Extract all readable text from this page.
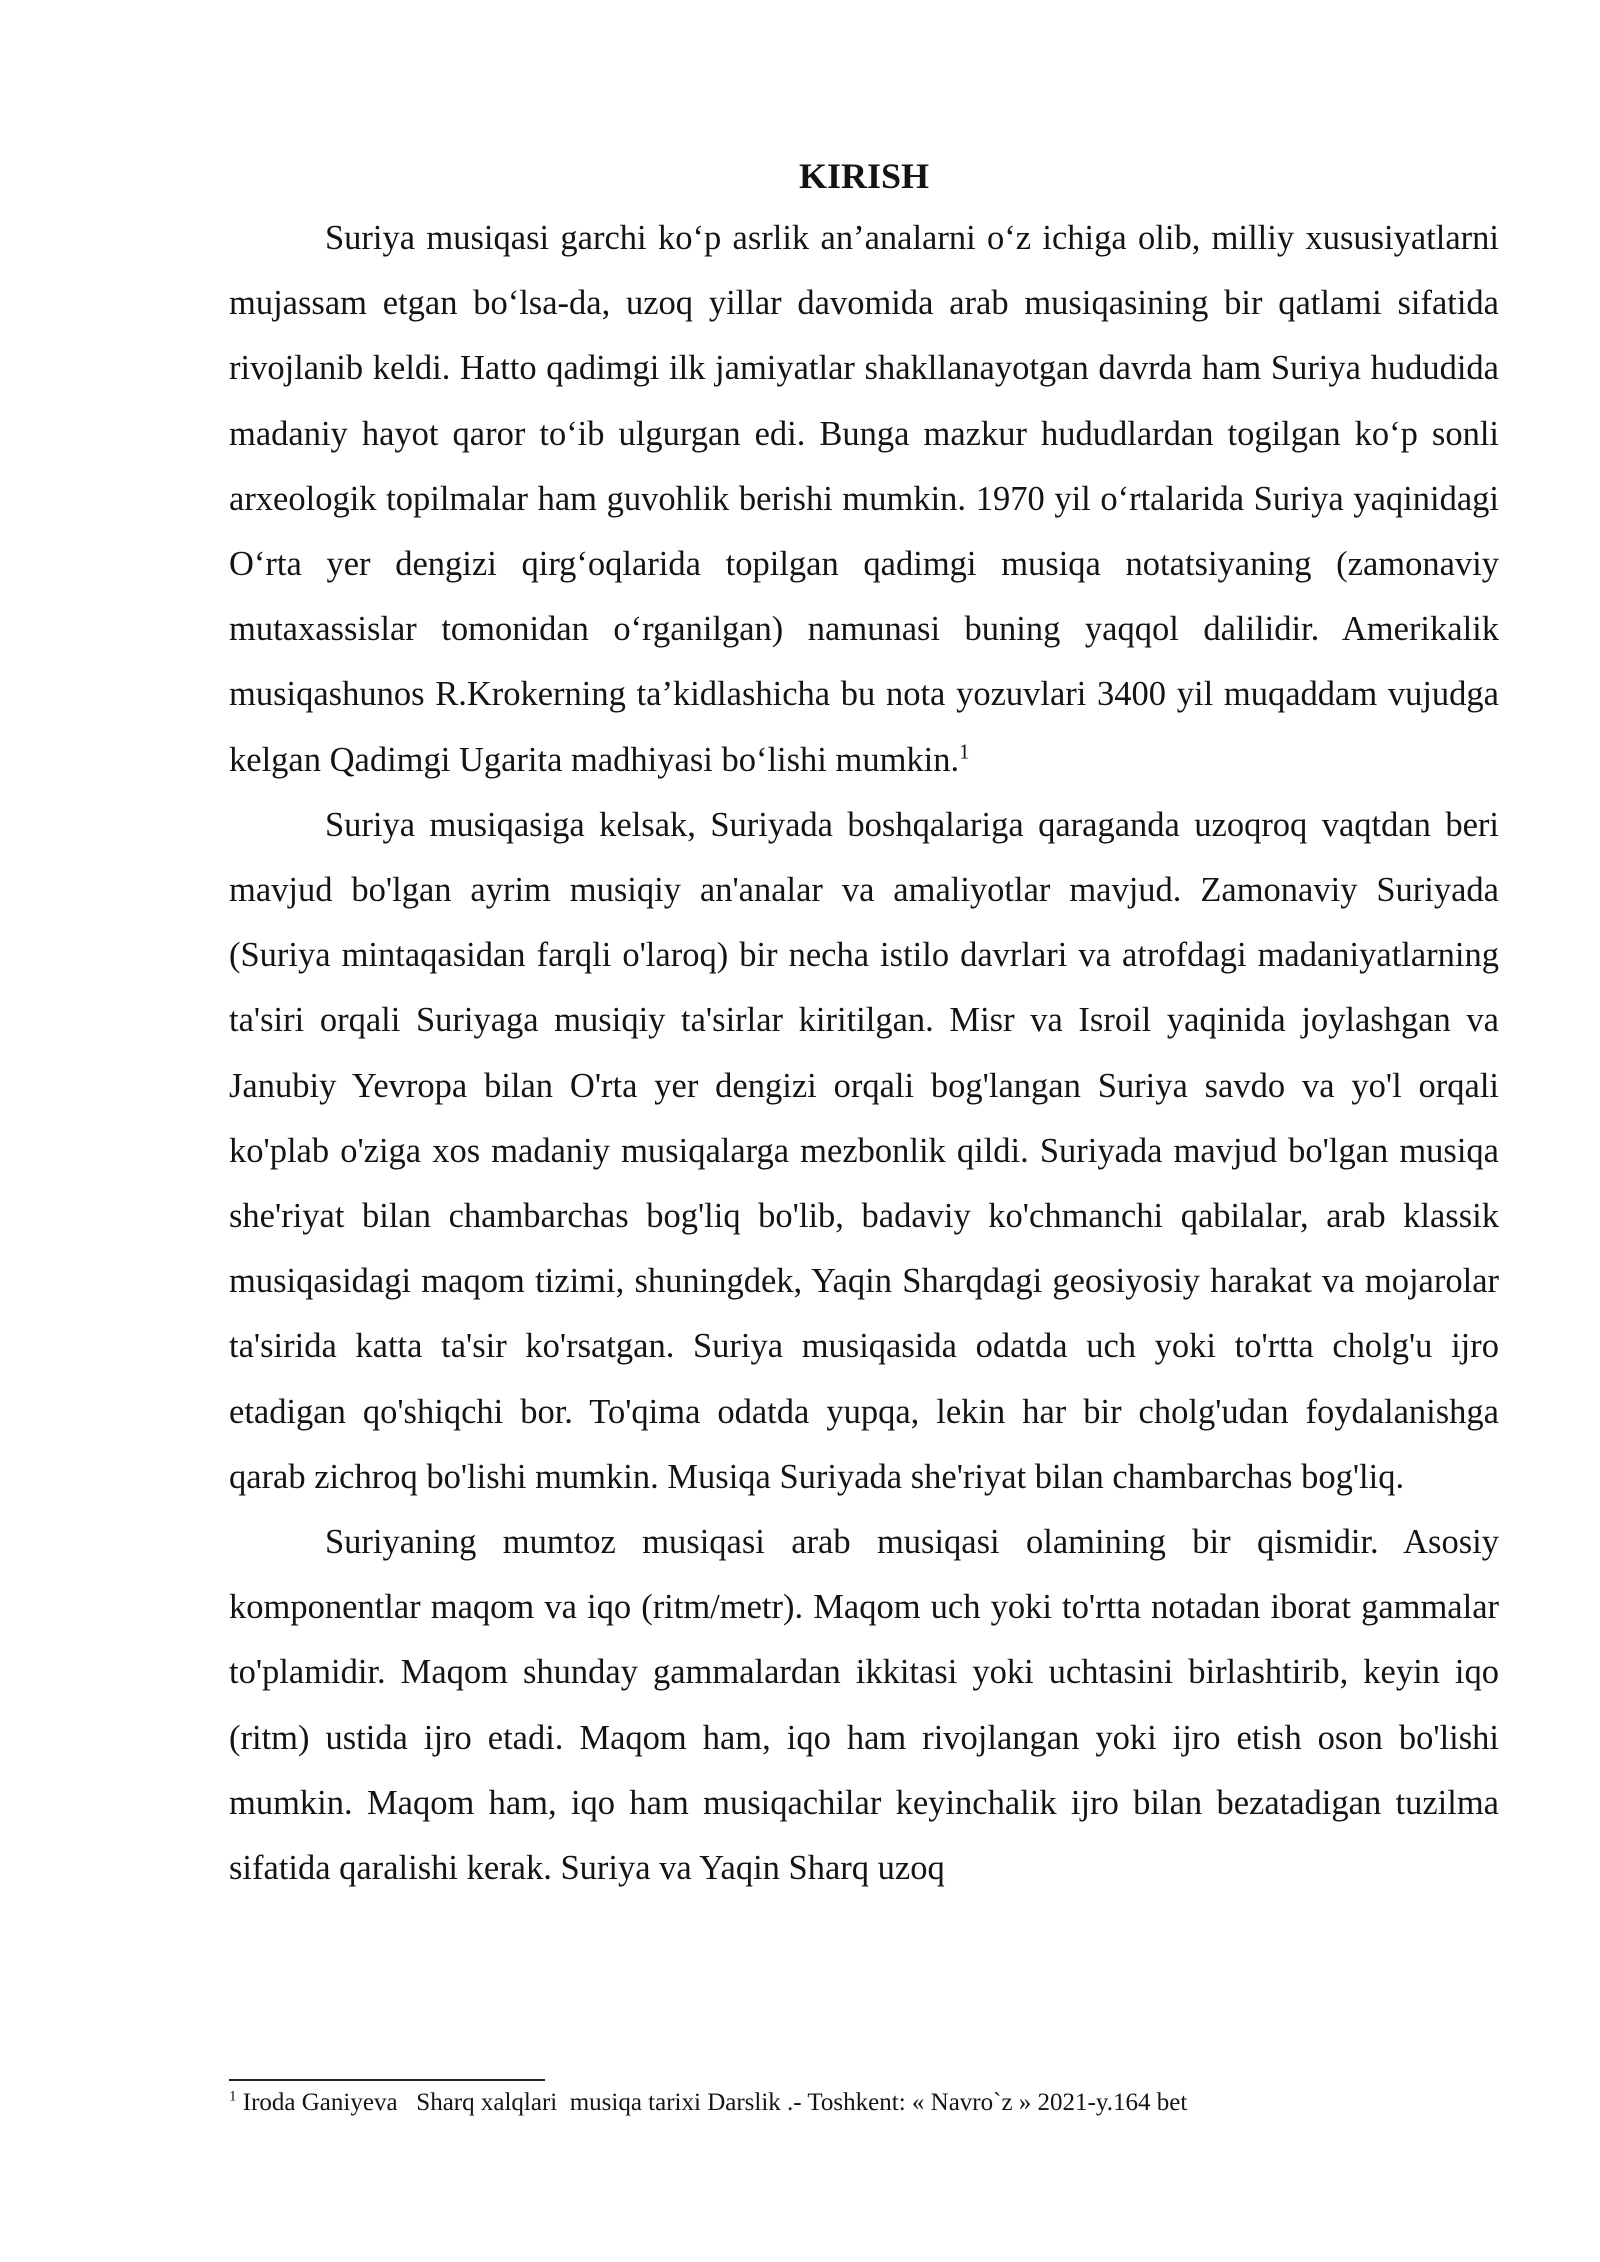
KIRISH

Suriya musiqasi garchi ko‘p asrlik an’analarni o‘z ichiga olib, milliy xususiyatlarni mujassam etgan bo‘lsa-da, uzoq yillar davomida arab musiqasining bir qatlami sifatida rivojlanib keldi. Hatto qadimgi ilk jamiyatlar shakllanayotgan davrda ham Suriya hududida madaniy hayot qaror to‘ib ulgurgan edi. Bunga mazkur hududlardan togilgan ko‘p sonli arxeologik topilmalar ham guvohlik berishi mumkin. 1970 yil o‘rtalarida Suriya yaqinidagi O‘rta yer dengizi qirg‘oqlarida topilgan qadimgi musiqa notatsiyaning (zamonaviy mutaxassislar tomonidan o‘rganilgan) namunasi buning yaqqol dalilidir. Amerikalik musiqashunos R.Krokerning ta’kidlashicha bu nota yozuvlari 3400 yil muqaddam vujudga kelgan Qadimgi Ugarita madhiyasi bo‘lishi mumkin.$^1$

Suriya musiqasiga kelsak, Suriyada boshqalariga qaraganda uzoqroq vaqtdan beri mavjud bo'lgan ayrim musiqiy an'analar va amaliyotlar mavjud. Zamonaviy Suriyada (Suriya mintaqasidan farqli o'laroq) bir necha istilo davrlari va atrofdagi madaniyatlarning ta'siri orqali Suriyaga musiqiy ta'sirlar kiritilgan. Misr va Isroil yaqinida joylashgan va Janubiy Yevropa bilan O'rta yer dengizi orqali bog'langan Suriya savdo va yo'l orqali ko'plab o'ziga xos madaniy musiqalarga mezbonlik qildi. Suriyada mavjud bo'lgan musiqa she'riyat bilan chambarchas bog'liq bo'lib, badaviy ko'chmanchi qabilalar, arab klassik musiqasidagi maqom tizimi, shuningdek, Yaqin Sharqdagi geosiyosiy harakat va mojarolar ta'sirida katta ta'sir ko'rsatgan. Suriya musiqasida odatda uch yoki to'rtta cholg'u ijro etadigan qo'shiqchi bor. To'qima odatda yupqa, lekin har bir cholg'udan foydalanishga qarab zichroq bo'lishi mumkin. Musiqa Suriyada she'riyat bilan chambarchas bog'liq.

Suriyaning mumtoz musiqasi arab musiqasi olamining bir qismidir. Asosiy komponentlar maqom va iqo (ritm/metr). Maqom uch yoki to'rtta notadan iborat gammalar to'plamidir. Maqom shunday gammalardan ikkitasi yoki uchtasini birlashtirib, keyin iqo (ritm) ustida ijro etadi. Maqom ham, iqo ham rivojlangan yoki ijro etish oson bo'lishi mumkin. Maqom ham, iqo ham musiqachilar keyinchalik ijro bilan bezatadigan tuzilma sifatida qaralishi kerak. Suriya va Yaqin Sharq uzoq

$^1$ Iroda Ganiyeva   Sharq xalqlari  musiqa tarixi Darslik .- Toshkent: « Navro`z » 2021-y.164 bet
